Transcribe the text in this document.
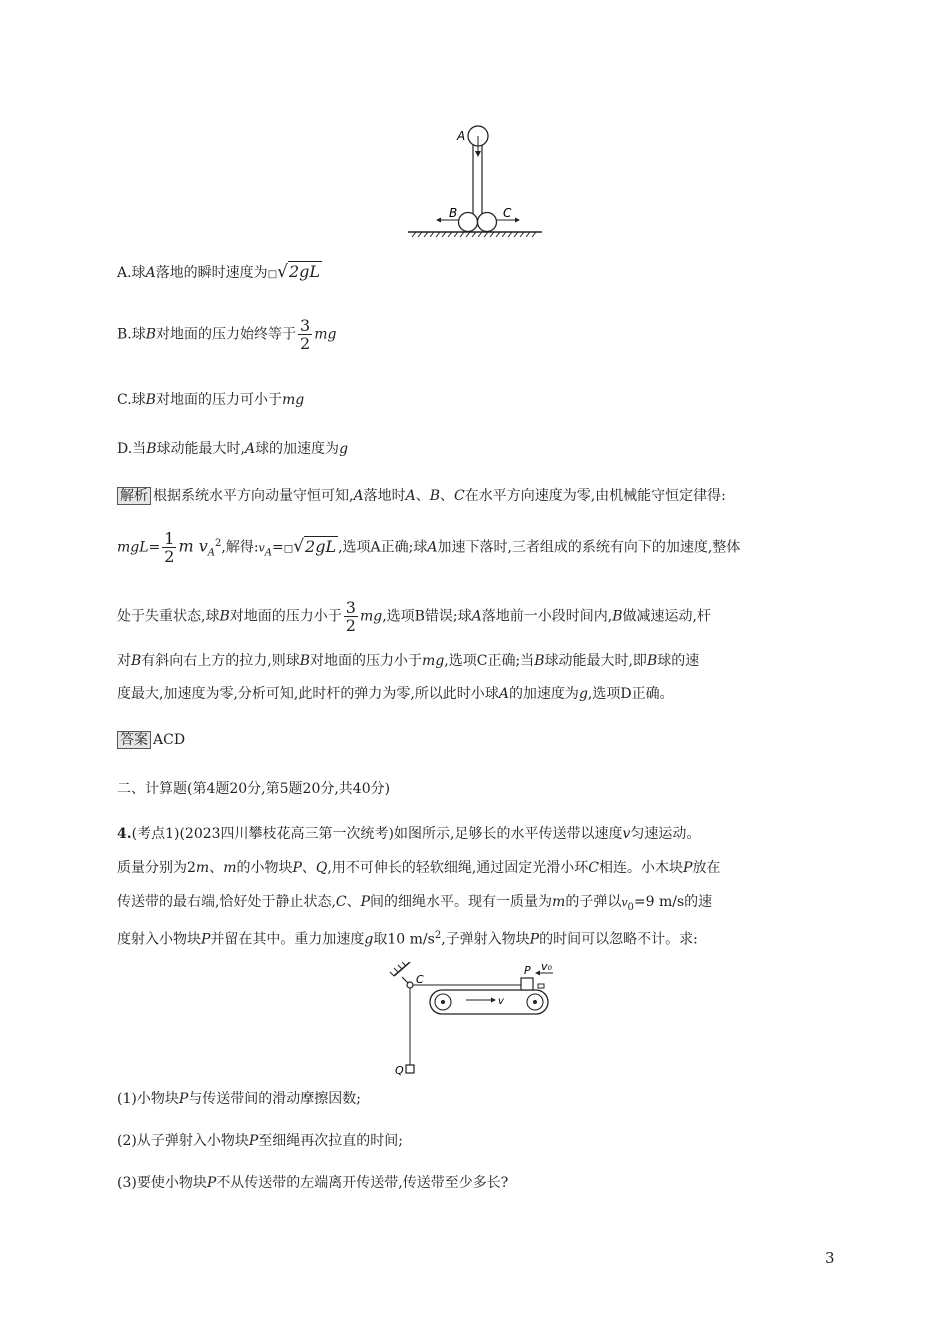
A
B	C
A.球A落地的瞬时速度为□√2gL
B.球B对地面的压力始终等于 $\frac{3}{2}$ mg
C.球B对地面的压力可小于mg
D.当B球动能最大时,A球的加速度为g
解析 根据系统水平方向动量守恒可知,A落地时A、B、C在水平方向速度为零,由机械能守恒定律得:
$mgL= \frac{1}{2}$ m $v_A^2$,解得$:v_A=□√2gL$ ,选项A正确;球A加速下落时,三者组成的系统有向下的加速度,整体
处于失重状态,球B对地面的压力小于 $\frac{3}{2}$ mg,选项B错误;球A落地前一小段时间内,B做减速运动,杆
对B有斜向右上方的拉力,则球B对地面的压力小于mg,选项C正确;当B球动能最大时,即B球的速
度最大,加速度为零,分析可知,此时杆的弹力为零,所以此时小球A的加速度为g,选项D正确。
答案 ACD
二、计算题(第4题20分,第5题20分,共40分)
4.(考点1)(2023四川攀枝花高三第一次统考)如图所示,足够长的水平传送带以速度v匀速运动。
质量分别为2m、m的小物块P、Q,用不可伸长的轻软细绳,通过固定光滑小环C相连。小木块P放在
传送带的最右端,恰好处于静止状态,C、P间的细绳水平。现有一质量为m的子弹以$v_0=9$ m/s的速
度射入小物块P并留在其中。重力加速度g取10 $m/s^2$,子弹射入物块P的时间可以忽略不计。求:
C
P v₀
v
Q
(1)小物块P与传送带间的滑动摩擦因数;
(2)从子弹射入小物块P至细绳再次拉直的时间;
(3)要使小物块P不从传送带的左端离开传送带,传送带至少多长?
3
